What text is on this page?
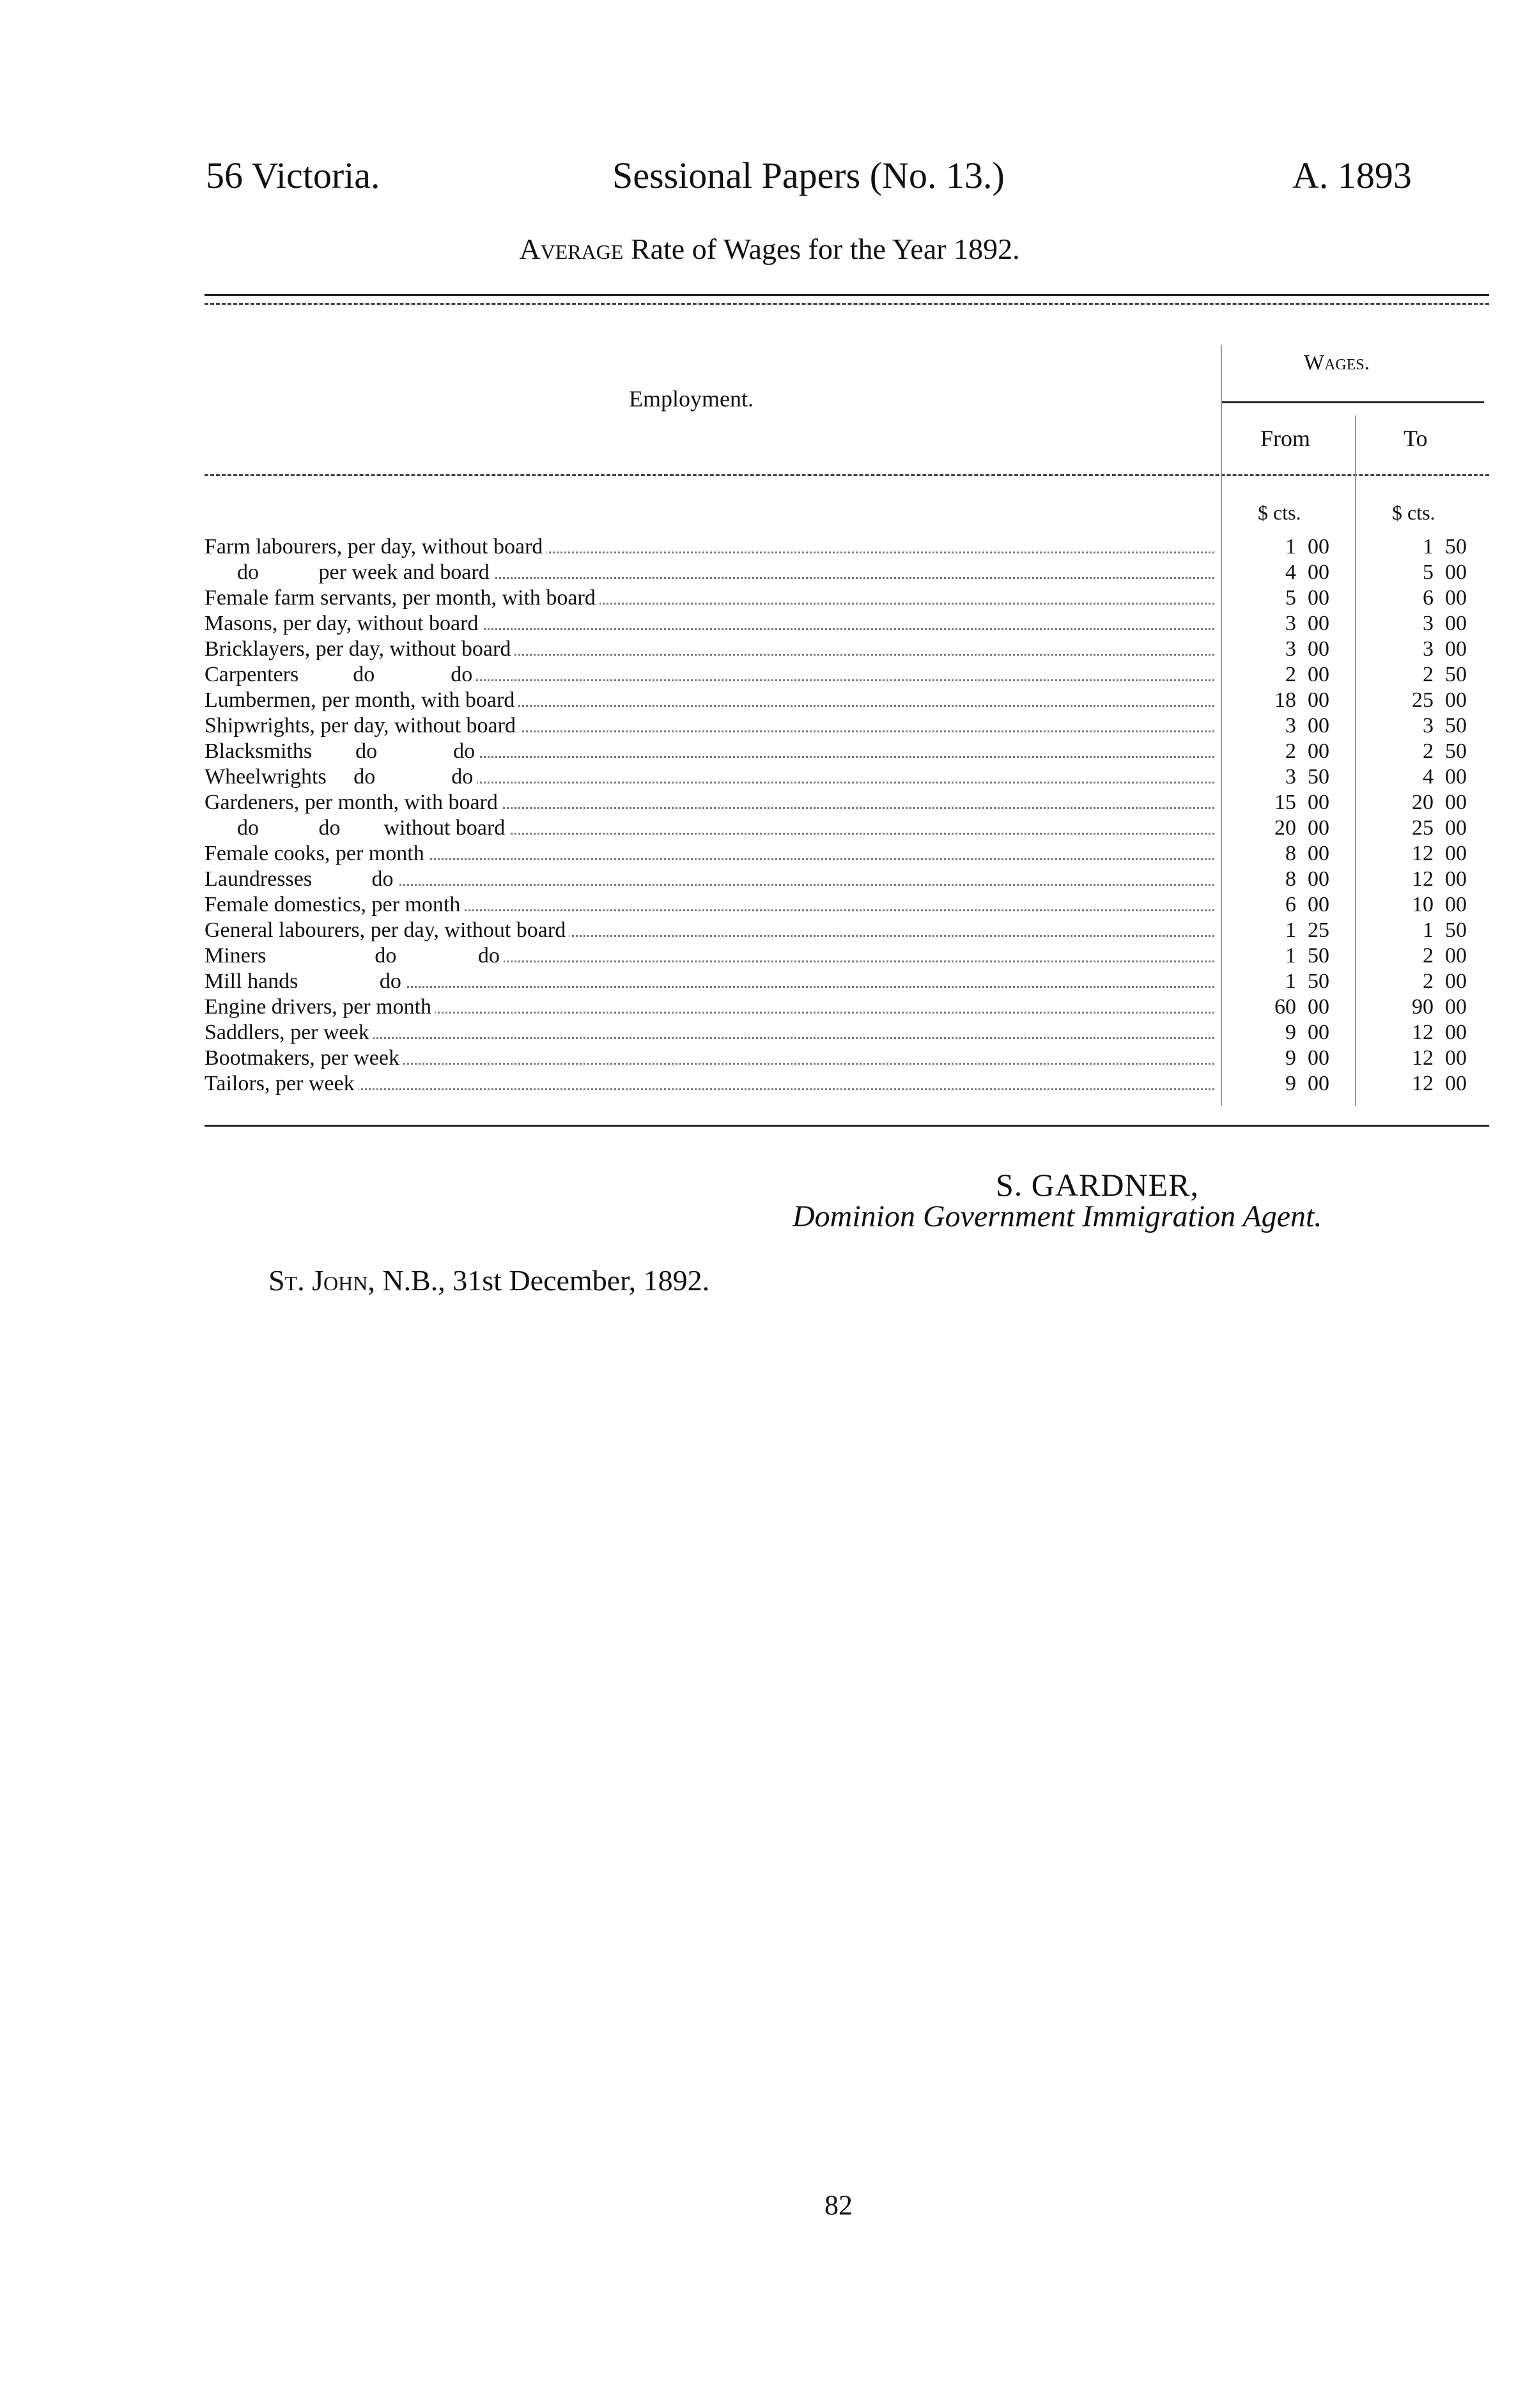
56 Victoria.	Sessional Papers (No. 13.)	A. 1893
Average Rate of Wages for the Year 1892.
Employment.
Wages.
From	To
$ cts.	$ cts.
Farm labourers, per day, without board	1 00	1 50
do           per week and board	4 00	5 00
Female farm servants, per month, with board	5 00	6 00
Masons, per day, without board	3 00	3 00
Bricklayers, per day, without board	3 00	3 00
Carpenters          do              do	2 00	2 50
Lumbermen, per month, with board	18 00	25 00
Shipwrights, per day, without board	3 00	3 50
Blacksmiths        do              do	2 00	2 50
Wheelwrights     do              do	3 50	4 00
Gardeners, per month, with board	15 00	20 00
do           do        without board	20 00	25 00
Female cooks, per month	8 00	12 00
Laundresses           do	8 00	12 00
Female domestics, per month	6 00	10 00
General labourers, per day, without board	1 25	1 50
Miners                    do               do	1 50	2 00
Mill hands               do	1 50	2 00
Engine drivers, per month	60 00	90 00
Saddlers, per week	9 00	12 00
Bootmakers, per week	9 00	12 00
Tailors, per week	9 00	12 00
S. GARDNER,
Dominion Government Immigration Agent.
St. John, N.B., 31st December, 1892.
82
